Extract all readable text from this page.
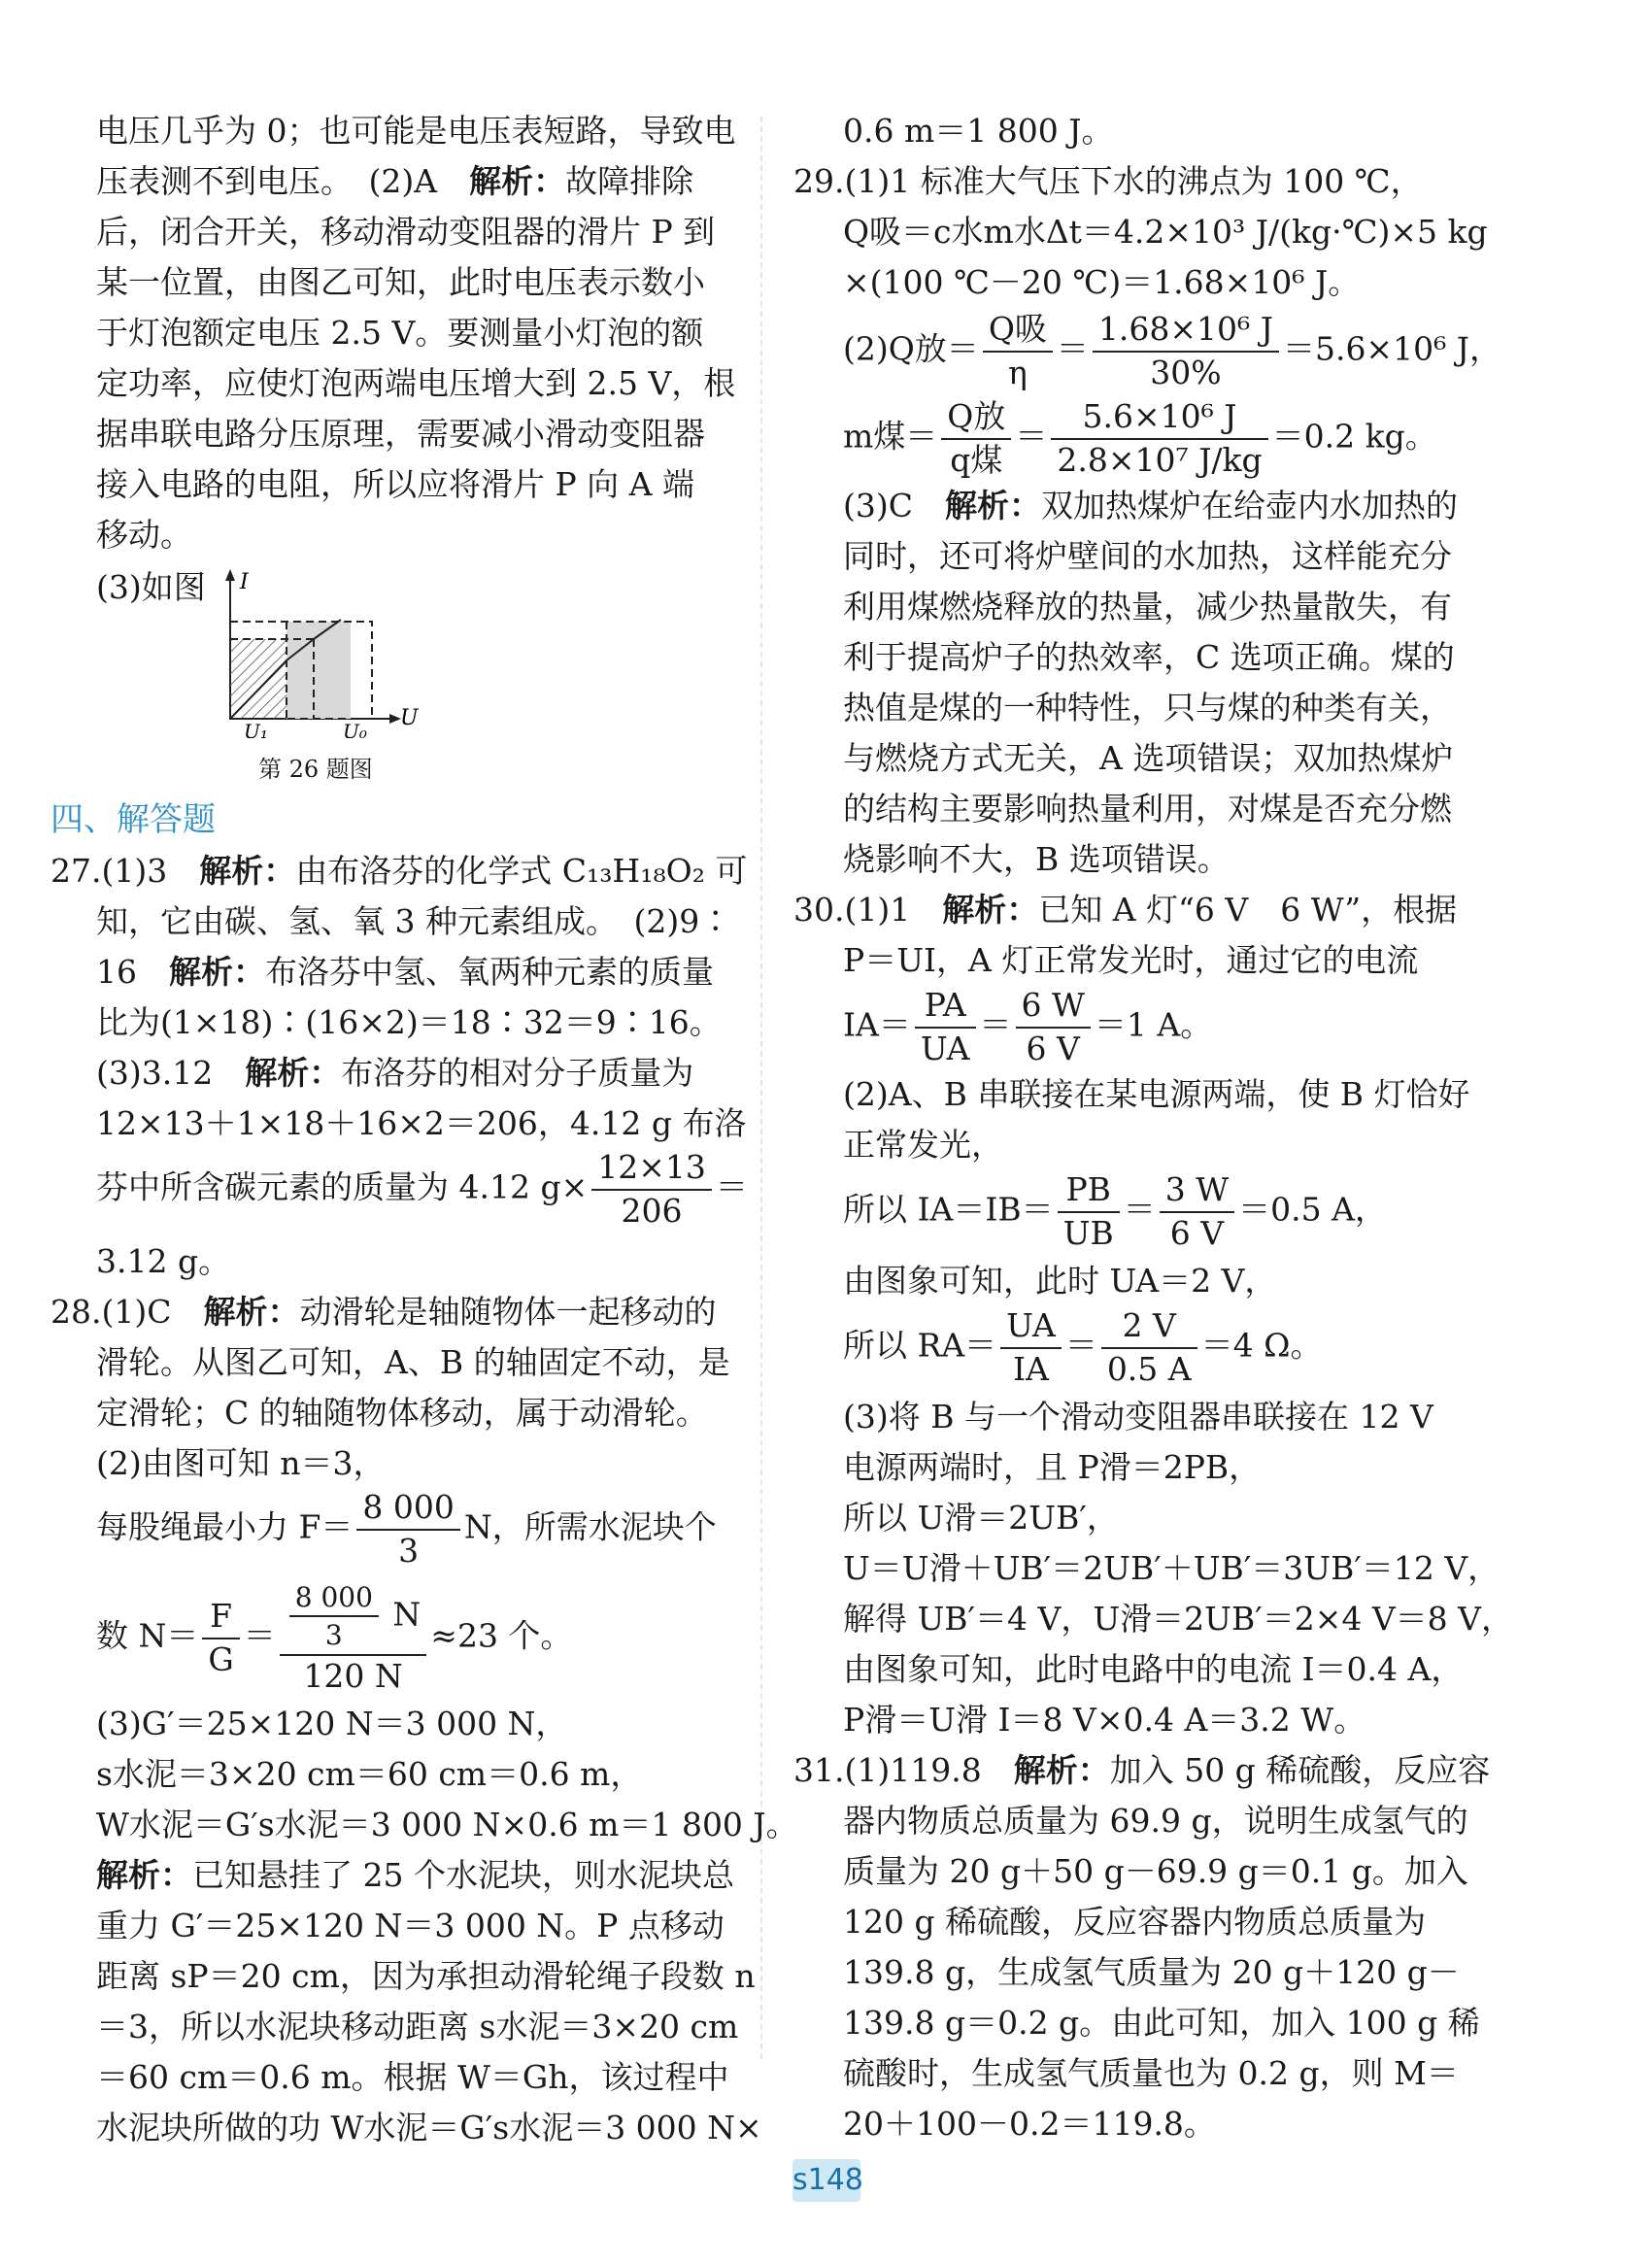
电压几乎为 0；也可能是电压表短路，导致电
压表测不到电压。　(2)A　解析：故障排除
后，闭合开关，移动滑动变阻器的滑片 P 到
某一位置，由图乙可知，此时电压表示数小
于灯泡额定电压 2.5 V。要测量小灯泡的额
定功率，应使灯泡两端电压增大到 2.5 V，根
据串联电路分压原理，需要减小滑动变阻器
接入电路的电阻，所以应将滑片 P 向 A 端
移动。
(3)如图 I
U
U₁	U₀
第 26 题图
四、解答题
27.(1)3　解析：由布洛芬的化学式 C₁₃H₁₈O₂ 可
知，它由碳、氢、氧 3 种元素组成。　(2)9∶
16　解析：布洛芬中氢、氧两种元素的质量
比为(1×18)∶(16×2)＝18∶32＝9∶16。
(3)3.12　解析：布洛芬的相对分子质量为
12×13＋1×18＋16×2＝206，4.12 g 布洛
芬中所含碳元素的质量为 4.12 $g\times \frac{12\times 13}{206}$ ＝
3.12 g。
28.(1)C　解析：动滑轮是轴随物体一起移动的
滑轮。从图乙可知，A、B 的轴固定不动，是
定滑轮；C 的轴随物体移动，属于动滑轮。
(2)由图可知 n＝3，
每股绳最小力 $F= \frac{8 000}{3}$ N，所需水泥块个
数 $N= \frac{F}{G} = \frac{\frac{8 000}{3} N}{120 N} \approx 23$ 个。
(3)G′＝25×120 N＝3 000 N，
s水泥＝3×20 cm＝60 cm＝0.6 m，
W水泥＝G′s水泥＝3 000 N×0.6 m＝1 800 J。
解析：已知悬挂了 25 个水泥块，则水泥块总
重力 G′＝25×120 N＝3 000 N。P 点移动
距离 sP＝20 cm，因为承担动滑轮绳子段数 n
＝3，所以水泥块移动距离 s水泥＝3×20 cm
＝60 cm＝0.6 m。根据 W＝Gh，该过程中
水泥块所做的功 W水泥＝G′s水泥＝3 000 N×
0.6 m＝1 800 J。
29.(1)1 标准大气压下水的沸点为 100 ℃，
Q吸＝c水m水Δt＝4.2×10³ J/(kg·℃)×5 kg
×(100 ℃－20 ℃)＝1.68×10⁶ J。
(2)Q放＝ $\frac{\text{Q吸}}{\eta} = \frac{\text{1.68×10⁶ J}}{30\%} =5.6\times 10^6$ J，
m煤＝ $\frac{\text{Q放}}{\text{q煤}} = \frac{\text{5.6×10⁶ J}}{\text{2.8×10⁷ J/kg}} =0.2$ kg。
(3)C　解析：双加热煤炉在给壶内水加热的
同时，还可将炉壁间的水加热，这样能充分
利用煤燃烧释放的热量，减少热量散失，有
利于提高炉子的热效率，C 选项正确。煤的
热值是煤的一种特性，只与煤的种类有关，
与燃烧方式无关，A 选项错误；双加热煤炉
的结构主要影响热量利用，对煤是否充分燃
烧影响不大，B 选项错误。
30.(1)1　解析：已知 A 灯“6 V　6 W”，根据
P＝UI，A 灯正常发光时，通过它的电流
$IA= \frac{PA}{UA} = \frac{6 W}{6 V} =1$ A。
(2)A、B 串联接在某电源两端，使 B 灯恰好
正常发光，
所以 $IA=IB= \frac{PB}{UB} = \frac{3 W}{6 V} =0.5$ A，
由图象可知，此时 UA＝2 V，
所以 $RA= \frac{UA}{IA} = \frac{2 V}{0.5 A} =4$ Ω。
(3)将 B 与一个滑动变阻器串联接在 12 V
电源两端时，且 P滑＝2PB，
所以 U滑＝2UB′，
U＝U滑＋UB′＝2UB′＋UB′＝3UB′＝12 V，
解得 UB′＝4 V，U滑＝2UB′＝2×4 V＝8 V，
由图象可知，此时电路中的电流 I＝0.4 A，
P滑＝U滑 I＝8 V×0.4 A＝3.2 W。
31.(1)119.8　解析：加入 50 g 稀硫酸，反应容
器内物质总质量为 69.9 g，说明生成氢气的
质量为 20 g＋50 g－69.9 g＝0.1 g。加入
120 g 稀硫酸，反应容器内物质总质量为
139.8 g，生成氢气质量为 20 g＋120 g－
139.8 g＝0.2 g。由此可知，加入 100 g 稀
硫酸时，生成氢气质量也为 0.2 g，则 M＝
20＋100－0.2＝119.8。
s148
